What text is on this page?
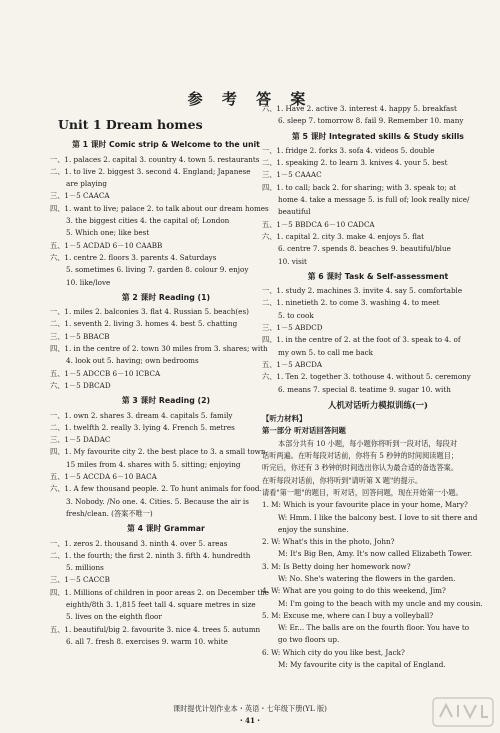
参 考 答 案
Unit 1 Dream homes
第 1 课时 Comic strip & Welcome to the unit
一、1. palaces 2. capital 3. country 4. town 5. restaurants
二、1. to live 2. biggest 3. second 4. England; Japanese
are playing
三、1－5 CAACA
四、1. want to live; palace 2. to talk about our dream homes
3. the biggest cities 4. the capital of; London
5. Which one; like best
五、1－5 ACDAD 6－10 CAABB
六、1. centre 2. floors 3. parents 4. Saturdays
5. sometimes 6. living 7. garden 8. colour 9. enjoy
10. like/love
第 2 课时 Reading (1)
一、1. miles 2. balconies 3. flat 4. Russian 5. beach(es)
二、1. seventh 2. living 3. homes 4. best 5. chatting
三、1－5 BBACB
四、1. in the centre of 2. town 30 miles from 3. shares; with
4. look out 5. having; own bedrooms
五、1－5 ADCCB 6－10 ICBCA
六、1－5 DBCAD
第 3 课时 Reading (2)
一、1. own 2. shares 3. dream 4. capitals 5. family
二、1. twelfth 2. really 3. lying 4. French 5. metres
三、1－5 DADAC
四、1. My favourite city 2. the best place to 3. a small town
15 miles from 4. shares with 5. sitting; enjoying
五、1－5 ACCDA 6－10 BACA
六、1. A few thousand people. 2. To hunt animals for food.
3. Nobody. /No one. 4. Cities. 5. Because the air is
fresh/clean. (答案不唯一)
第 4 课时 Grammar
一、1. zeros 2. thousand 3. ninth 4. over 5. areas
二、1. the fourth; the first 2. ninth 3. fifth 4. hundredth
5. millions
三、1－5 CACCB
四、1. Millions of children in poor areas 2. on December the
eighth/8th 3. 1,815 feet tall 4. square metres in size
5. lives on the eighth floor
五、1. beautiful/big 2. favourite 3. nice 4. trees 5. autumn
6. all 7. fresh 8. exercises 9. warm 10. white
六、1. Have 2. active 3. interest 4. happy 5. breakfast
6. sleep 7. tomorrow 8. fail 9. Remember 10. many
第 5 课时 Integrated skills & Study skills
一、1. fridge 2. forks 3. sofa 4. videos 5. double
二、1. speaking 2. to learn 3. knives 4. your 5. best
三、1－5 CAAAC
四、1. to call; back 2. for sharing; with 3. speak to; at
home 4. take a message 5. is full of; look really nice/
beautiful
五、1－5 BBDCA 6－10 CADCA
六、1. capital 2. city 3. make 4. enjoys 5. flat
6. centre 7. spends 8. beaches 9. beautiful/blue
10. visit
第 6 课时 Task & Self-assessment
一、1. study 2. machines 3. invite 4. say 5. comfortable
二、1. ninetieth 2. to come 3. washing 4. to meet
5. to cook
三、1－5 ABDCD
四、1. in the centre of 2. at the foot of 3. speak to 4. of
my own 5. to call me back
五、1－5 ABCDA
六、1. Ten 2. together 3. tothouse 4. without 5. ceremony
6. means 7. special 8. teatime 9. sugar 10. with
人机对话听力模拟训练(一)
【听力材料】
第一部分 听对话回答问题
本部分共有 10 小题，每小题你将听到一段对话，每段对
话听两遍。在听每段对话前，你将有 5 秒钟的时间阅读题目；
听完后，你还有 3 秒钟的时间选出你认为最合适的备选答案。
在听每段对话前，你将听到"请听第 X 题"的提示。
请看"第一题"的题目，听对话，回答问题，现在开始第一小题。
1. M: Which is your favourite place in your home, Mary?
W: Hmm. I like the balcony best. I love to sit there and
enjoy the sunshine.
2. W: What's this in the photo, John?
M: It's Big Ben, Amy. It's now called Elizabeth Tower.
3. M: Is Betty doing her homework now?
W: No. She's watering the flowers in the garden.
4. W: What are you going to do this weekend, Jim?
M: I'm going to the beach with my uncle and my cousin.
5. M: Excuse me, where can I buy a volleyball?
W: Er... The balls are on the fourth floor. You have to
go two floors up.
6. W: Which city do you like best, Jack?
M: My favourite city is the capital of England.
课时提优计划作业本・英语・七年级下册(YL 版)
・41・
